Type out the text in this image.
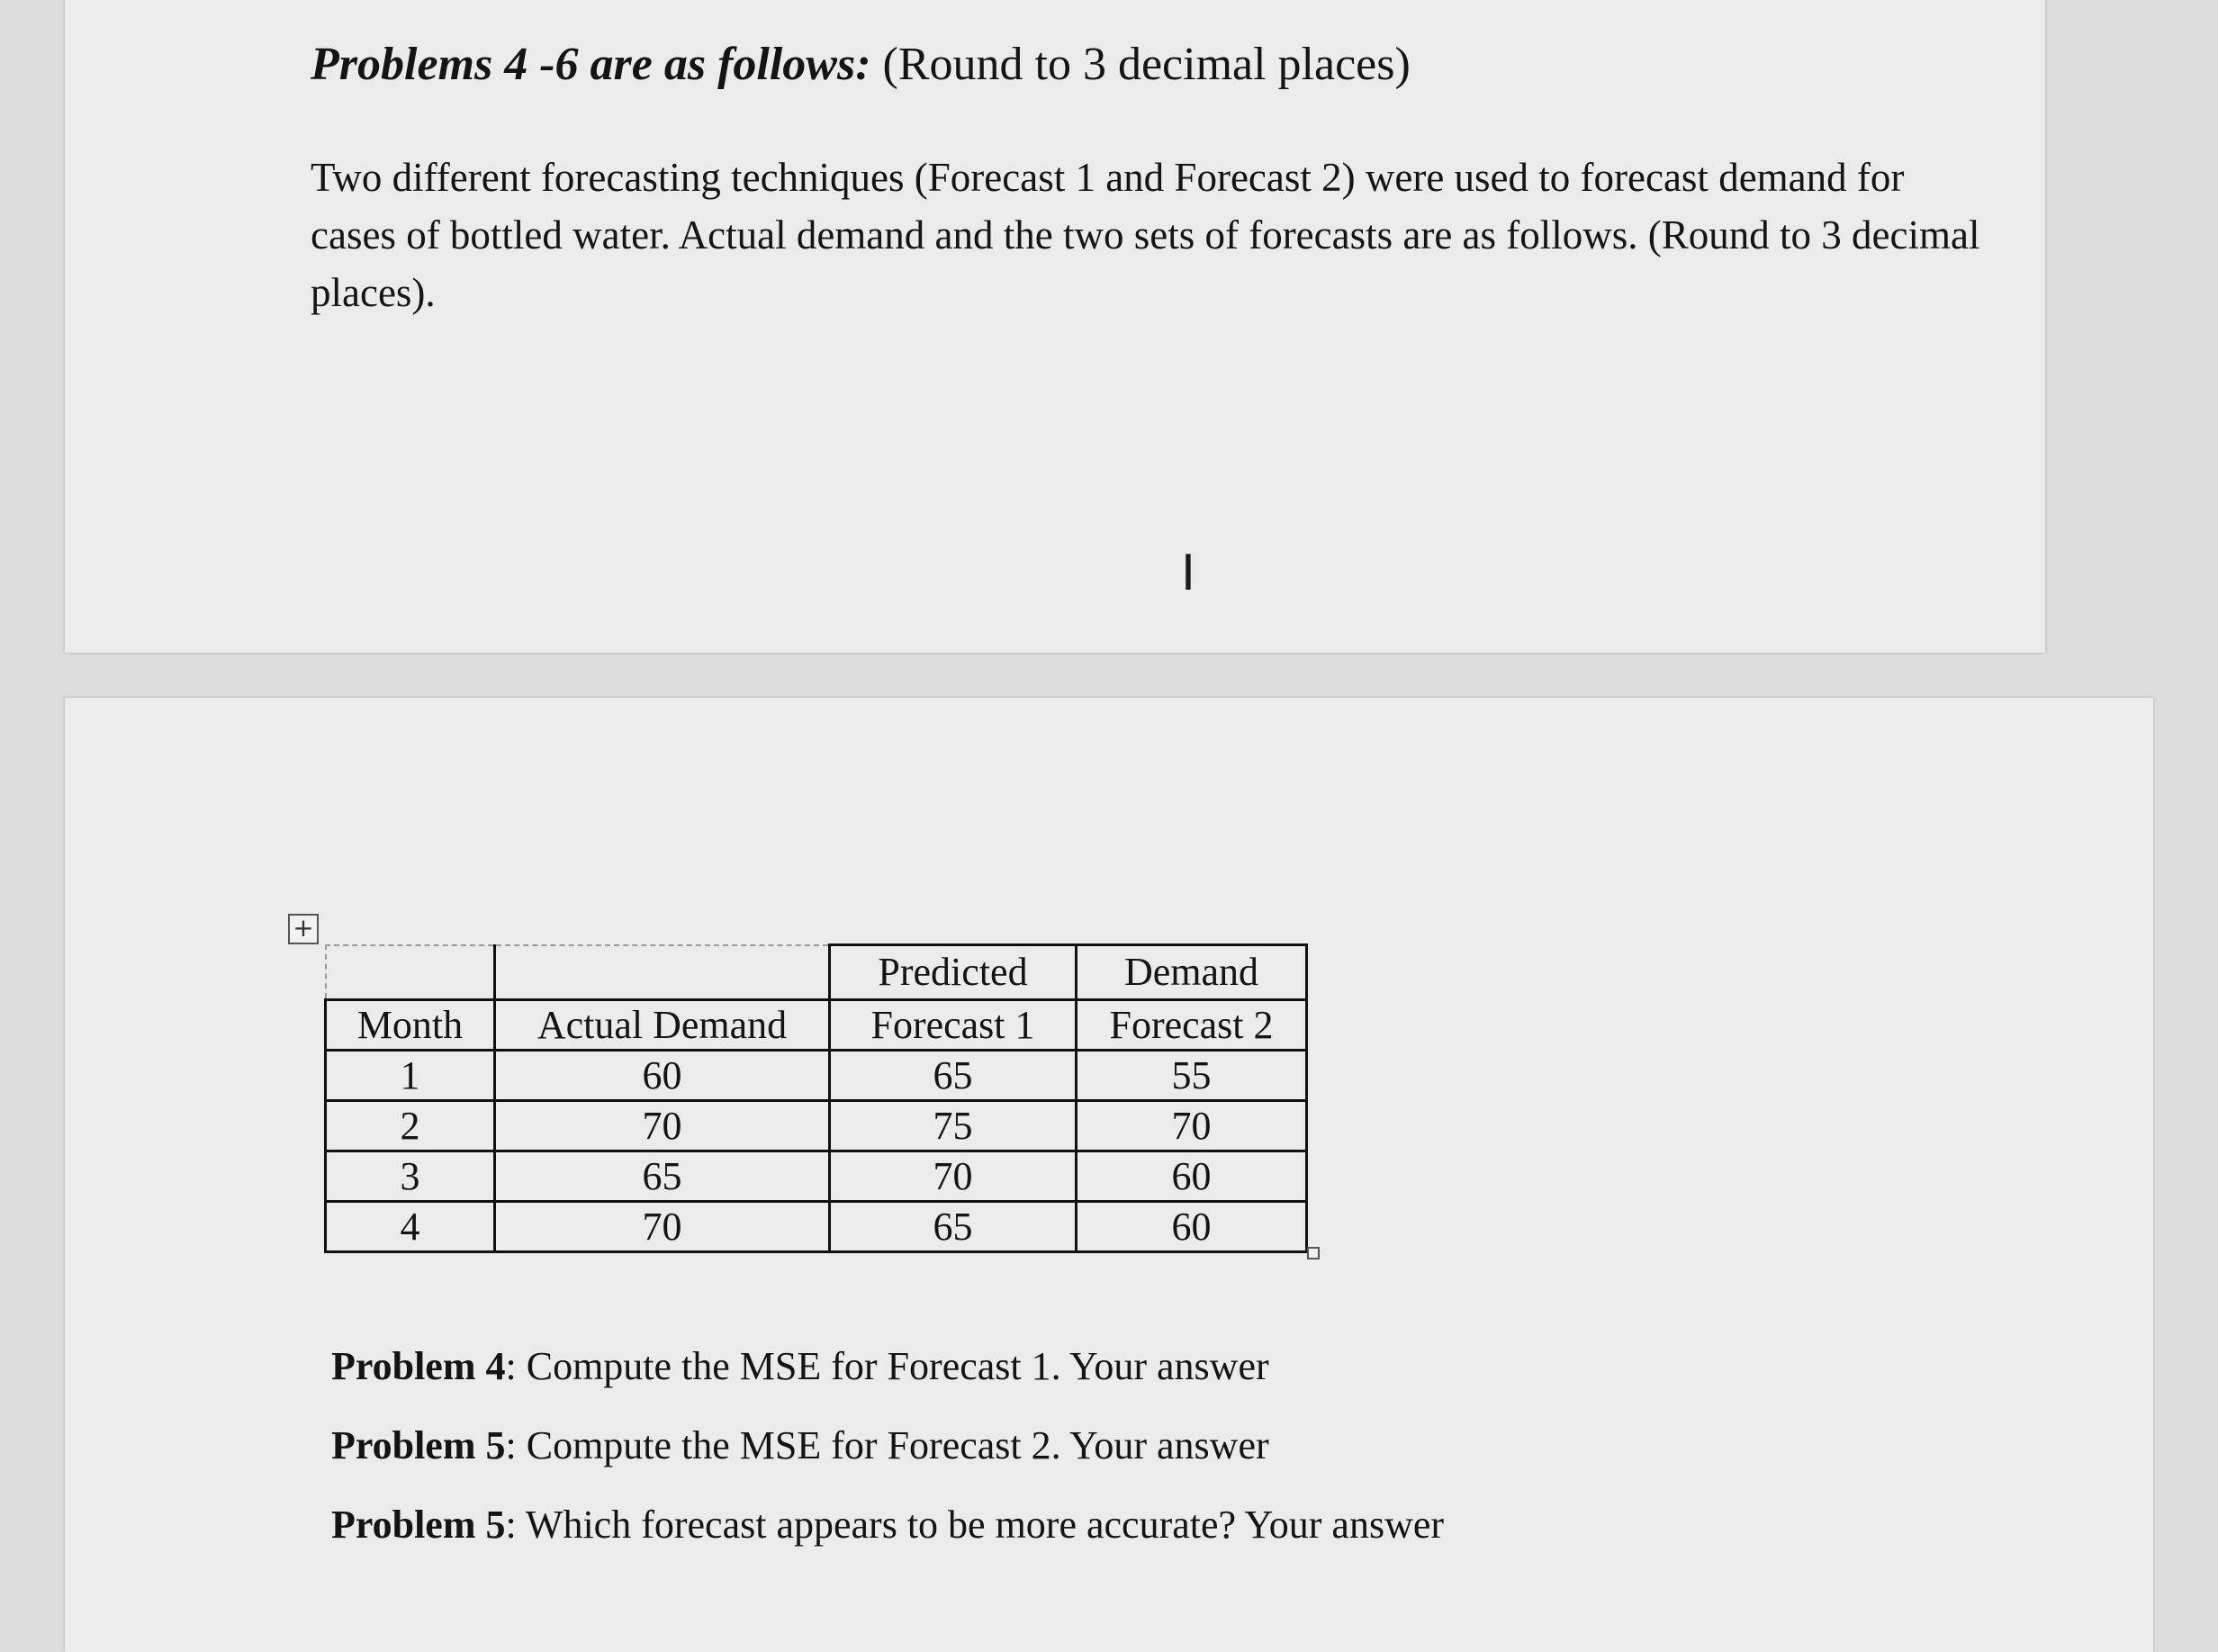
Problems 4 -6 are as follows: (Round to 3 decimal places)
Two different forecasting techniques (Forecast 1 and Forecast 2) were used to forecast demand for cases of bottled water. Actual demand and the two sets of forecasts are as follows. (Round to 3 decimal places).
I
+
		Predicted	Demand
Month	Actual Demand	Forecast 1	Forecast 2
1	60	65	55
2	70	75	70
3	65	70	60
4	70	65	60
Problem 4: Compute the MSE for Forecast 1. Your answer
Problem 5: Compute the MSE for Forecast 2. Your answer
Problem 5: Which forecast appears to be more accurate? Your answer
